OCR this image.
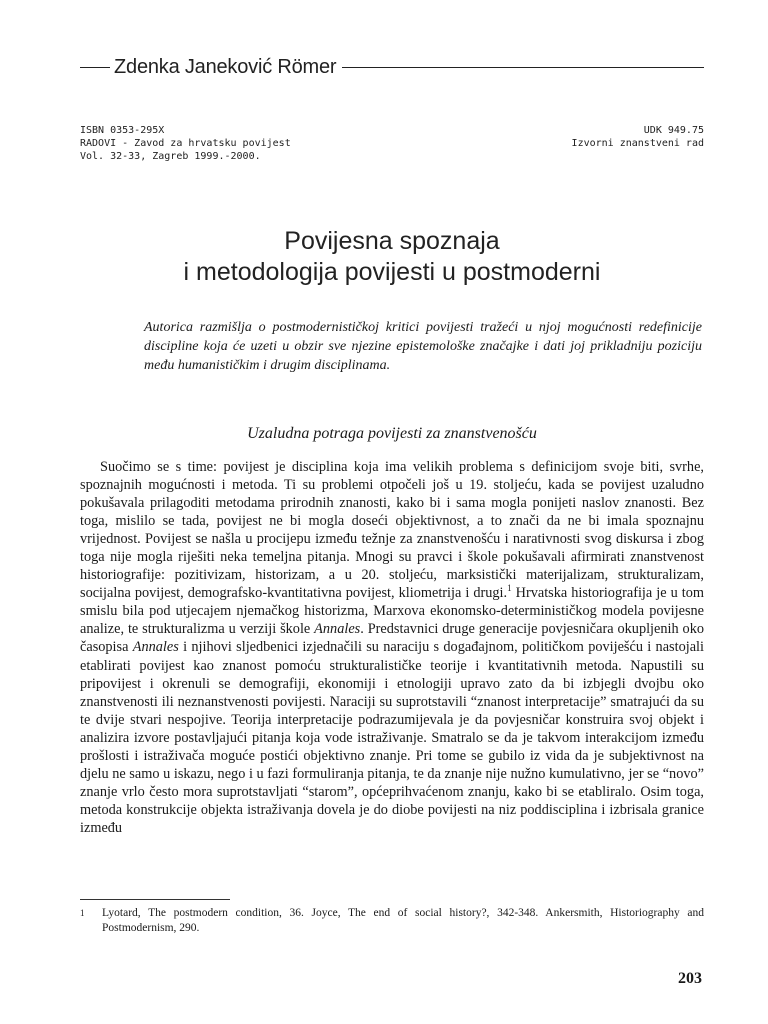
Zdenka Janeković Römer
ISBN 0353-295X
RADOVI - Zavod za hrvatsku povijest
Vol. 32-33, Zagreb 1999.-2000.
UDK 949.75
Izvorni znanstveni rad
Povijesna spoznaja
i metodologija povijesti u postmoderni
Autorica razmišlja o postmodernističkoj kritici povijesti tražeći u njoj mogućnosti redefinicije discipline koja će uzeti u obzir sve njezine epistemološke značajke i dati joj prikladniju poziciju među humanističkim i drugim disciplinama.
Uzaludna potraga povijesti za znanstvenošću

Suočimo se s time: povijest je disciplina koja ima velikih problema s definicijom svoje biti, svrhe, spoznajnih mogućnosti i metoda. Ti su problemi otpočeli još u 19. stoljeću, kada se povijest uzaludno pokušavala prilagoditi metodama prirodnih znanosti, kako bi i sama mogla ponijeti naslov znanosti. Bez toga, mislilo se tada, povijest ne bi mogla doseći objektivnost, a to znači da ne bi imala spoznajnu vrijednost. Povijest se našla u procijepu između težnje za znanstvenošću i narativnosti svog diskursa i zbog toga nije mogla riješiti neka temeljna pitanja. Mnogi su pravci i škole pokušavali afirmirati znanstvenost historiografije: pozitivizam, historizam, a u 20. stoljeću, marksistički materijalizam, strukturalizam, socijalna povijest, demografsko-kvantitativna povijest, kliometrija i drugi.$^1$ Hrvatska historiografija je u tom smislu bila pod utjecajem njemačkog historizma, Marxova ekonomsko-determinističkog modela povijesne analize, te strukturalizma u verziji škole Annales. Predstavnici druge generacije povjesničara okupljenih oko časopisa Annales i njihovi sljedbenici izjednačili su naraciju s događajnom, političkom poviješću i nastojali etablirati povijest kao znanost pomoću strukturalističke teorije i kvantitativnih metoda. Napustili su pripovijest i okrenuli se demografiji, ekonomiji i etnologiji upravo zato da bi izbjegli dvojbu oko znanstvenosti ili neznanstvenosti povijesti. Naraciji su suprotstavili “znanost interpretacije” smatrajući da su te dvije stvari nespojive. Teorija interpretacije podrazumijevala je da povjesničar konstruira svoj objekt i analizira izvore postavljajući pitanja koja vode istraživanje. Smatralo se da je takvom interakcijom između prošlosti i istraživača moguće postići objektivno znanje. Pri tome se gubilo iz vida da je subjektivnost na djelu ne samo u iskazu, nego i u fazi formuliranja pitanja, te da znanje nije nužno kumulativno, jer se “novo” znanje vrlo često mora suprotstavljati “starom”, općeprihvaćenom znanju, kako bi se etabliralo. Osim toga, metoda konstrukcije objekta istraživanja dovela je do diobe povijesti na niz poddisciplina i izbrisala granice između

1	Lyotard, The postmodern condition, 36. Joyce, The end of social history?, 342-348. Ankersmith, Historiography and Postmodernism, 290.
203
